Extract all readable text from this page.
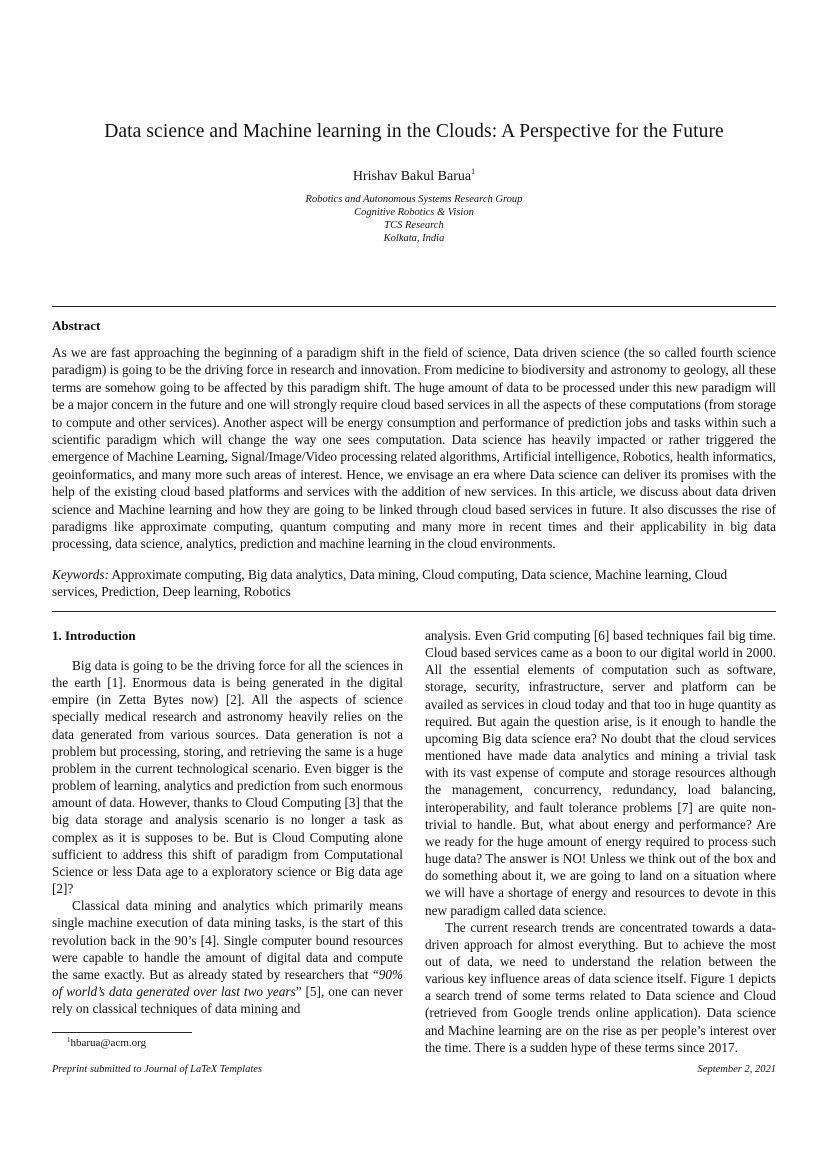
Data science and Machine learning in the Clouds: A Perspective for the Future
Hrishav Bakul Barua$^1$
Robotics and Autonomous Systems Research Group
Cognitive Robotics & Vision
TCS Research
Kolkata, India
Abstract
As we are fast approaching the beginning of a paradigm shift in the field of science, Data driven science (the so called fourth science paradigm) is going to be the driving force in research and innovation. From medicine to biodiversity and astronomy to geology, all these terms are somehow going to be affected by this paradigm shift. The huge amount of data to be processed under this new paradigm will be a major concern in the future and one will strongly require cloud based services in all the aspects of these computations (from storage to compute and other services). Another aspect will be energy consumption and performance of prediction jobs and tasks within such a scientific paradigm which will change the way one sees computation. Data science has heavily impacted or rather triggered the emergence of Machine Learning, Signal/Image/Video processing related algorithms, Artificial intelligence, Robotics, health informatics, geoinformatics, and many more such areas of interest. Hence, we envisage an era where Data science can deliver its promises with the help of the existing cloud based platforms and services with the addition of new services. In this article, we discuss about data driven science and Machine learning and how they are going to be linked through cloud based services in future. It also discusses the rise of paradigms like approximate computing, quantum computing and many more in recent times and their applicability in big data processing, data science, analytics, prediction and machine learning in the cloud environments.
Keywords: Approximate computing, Big data analytics, Data mining, Cloud computing, Data science, Machine learning, Cloud services, Prediction, Deep learning, Robotics
1. Introduction

Big data is going to be the driving force for all the sciences in the earth [1]. Enormous data is being generated in the digital empire (in Zetta Bytes now) [2]. All the aspects of science specially medical research and astronomy heavily relies on the data generated from various sources. Data generation is not a problem but processing, storing, and retrieving the same is a huge problem in the current technological scenario. Even bigger is the problem of learning, analytics and prediction from such enormous amount of data. However, thanks to Cloud Computing [3] that the big data storage and analysis scenario is no longer a task as complex as it is supposes to be. But is Cloud Computing alone sufficient to address this shift of paradigm from Computational Science or less Data age to a exploratory science or Big data age [2]?

Classical data mining and analytics which primarily means single machine execution of data mining tasks, is the start of this revolution back in the 90’s [4]. Single computer bound resources were capable to handle the amount of digital data and compute the same exactly. But as already stated by researchers that “90% of world’s data generated over last two years” [5], one can never rely on classical techniques of data mining and

analysis. Even Grid computing [6] based techniques fail big time. Cloud based services came as a boon to our digital world in 2000. All the essential elements of computation such as software, storage, security, infrastructure, server and platform can be availed as services in cloud today and that too in huge quantity as required. But again the question arise, is it enough to handle the upcoming Big data science era? No doubt that the cloud services mentioned have made data analytics and mining a trivial task with its vast expense of compute and storage resources although the management, concurrency, redundancy, load balancing, interoperability, and fault tolerance problems [7] are quite non-trivial to handle. But, what about energy and performance? Are we ready for the huge amount of energy required to process such huge data? The answer is NO! Unless we think out of the box and do something about it, we are going to land on a situation where we will have a shortage of energy and resources to devote in this new paradigm called data science.

The current research trends are concentrated towards a data-driven approach for almost everything. But to achieve the most out of data, we need to understand the relation between the various key influence areas of data science itself. Figure 1 depicts a search trend of some terms related to Data science and Cloud (retrieved from Google trends online application). Data science and Machine learning are on the rise as per people’s interest over the time. There is a sudden hype of these terms since 2017.

$^1$hbarua@acm.org
Preprint submitted to Journal of LaTeX Templates	September 2, 2021
